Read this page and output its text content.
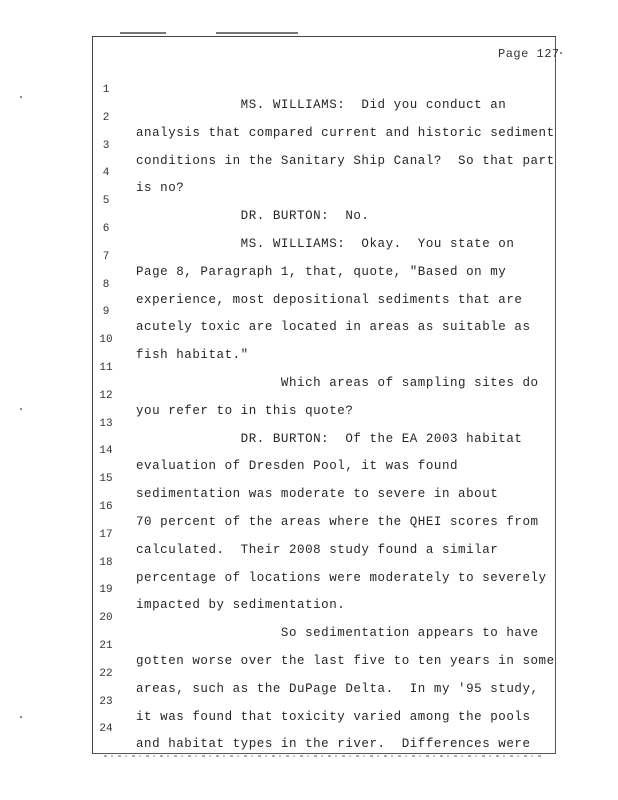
Page 127

1

MS. WILLIAMS:  Did you conduct an

2

analysis that compared current and historic sediment

3

conditions in the Sanitary Ship Canal?  So that part

4

is no?

5

DR. BURTON:  No.

6

MS. WILLIAMS:  Okay.  You state on

7

Page 8, Paragraph 1, that, quote, "Based on my

8

experience, most depositional sediments that are

9

acutely toxic are located in areas as suitable as

10

fish habitat."

11

Which areas of sampling sites do

12

you refer to in this quote?

13

DR. BURTON:  Of the EA 2003 habitat

14

evaluation of Dresden Pool, it was found

15

sedimentation was moderate to severe in about

16

70 percent of the areas where the QHEI scores from

17

calculated.  Their 2008 study found a similar

18

percentage of locations were moderately to severely

19

impacted by sedimentation.

20

So sedimentation appears to have

21

gotten worse over the last five to ten years in some

22

areas, such as the DuPage Delta.  In my '95 study,

23

it was found that toxicity varied among the pools

24

and habitat types in the river.  Differences were
